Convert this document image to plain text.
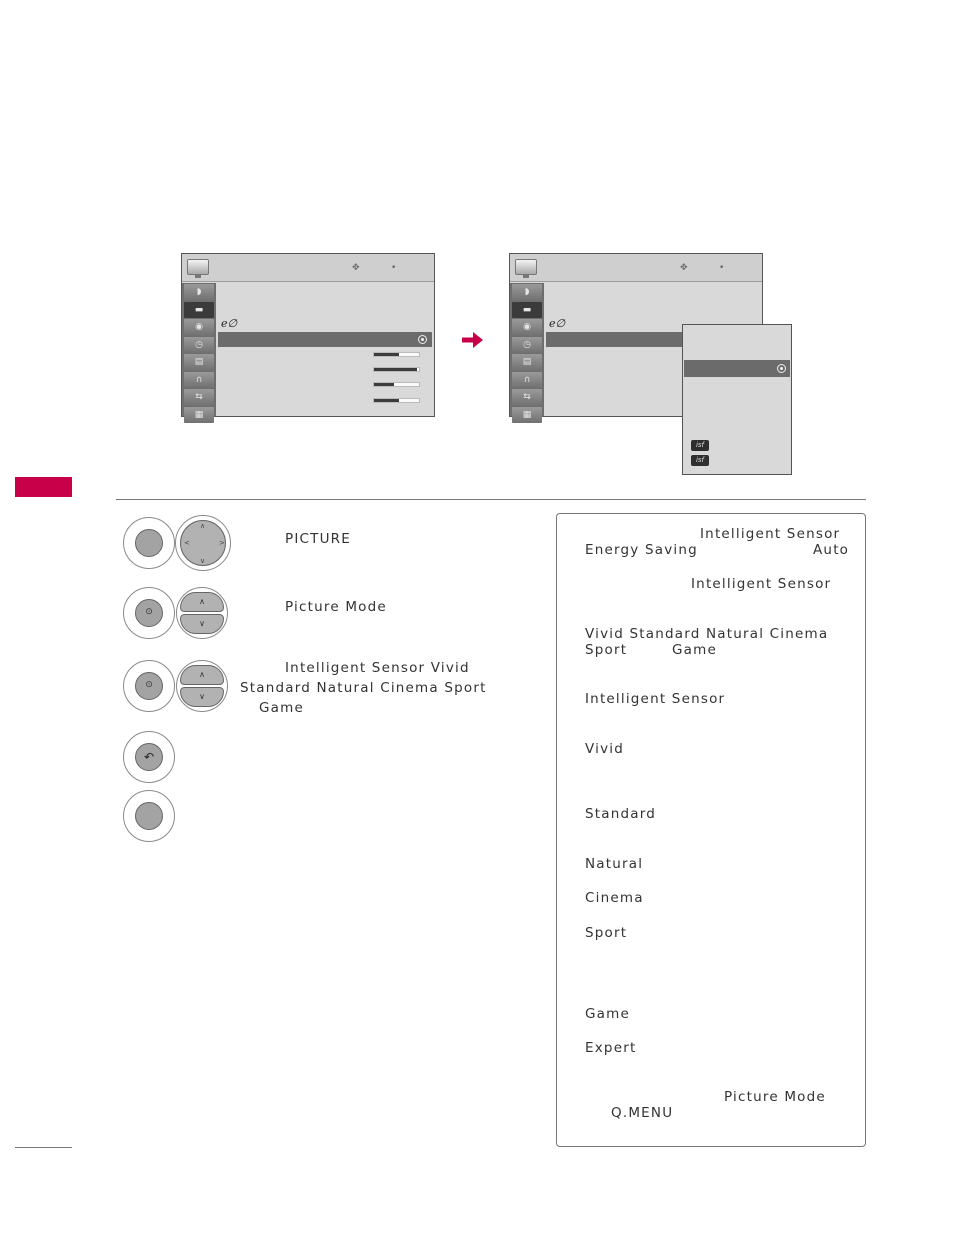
✥	•
◗
▬
◉
◷
▤
∩
⇆
▦
e∅
✥	•
◗
▬
◉
◷
▤
∩
⇆
▦
e∅
isf
isf
∧
∨
<	>	PICTURE
⊙
∧
∨
Picture Mode
⊙
∧
∨
Intelligent Sensor Vivid
Standard Natural Cinema Sport
Game
↶
Intelligent Sensor
Energy Saving	Auto
Intelligent Sensor
Vivid Standard Natural Cinema
Sport	Game
Intelligent Sensor
Vivid
Standard
Natural
Cinema
Sport
Game
Expert
Picture Mode
Q.MENU
